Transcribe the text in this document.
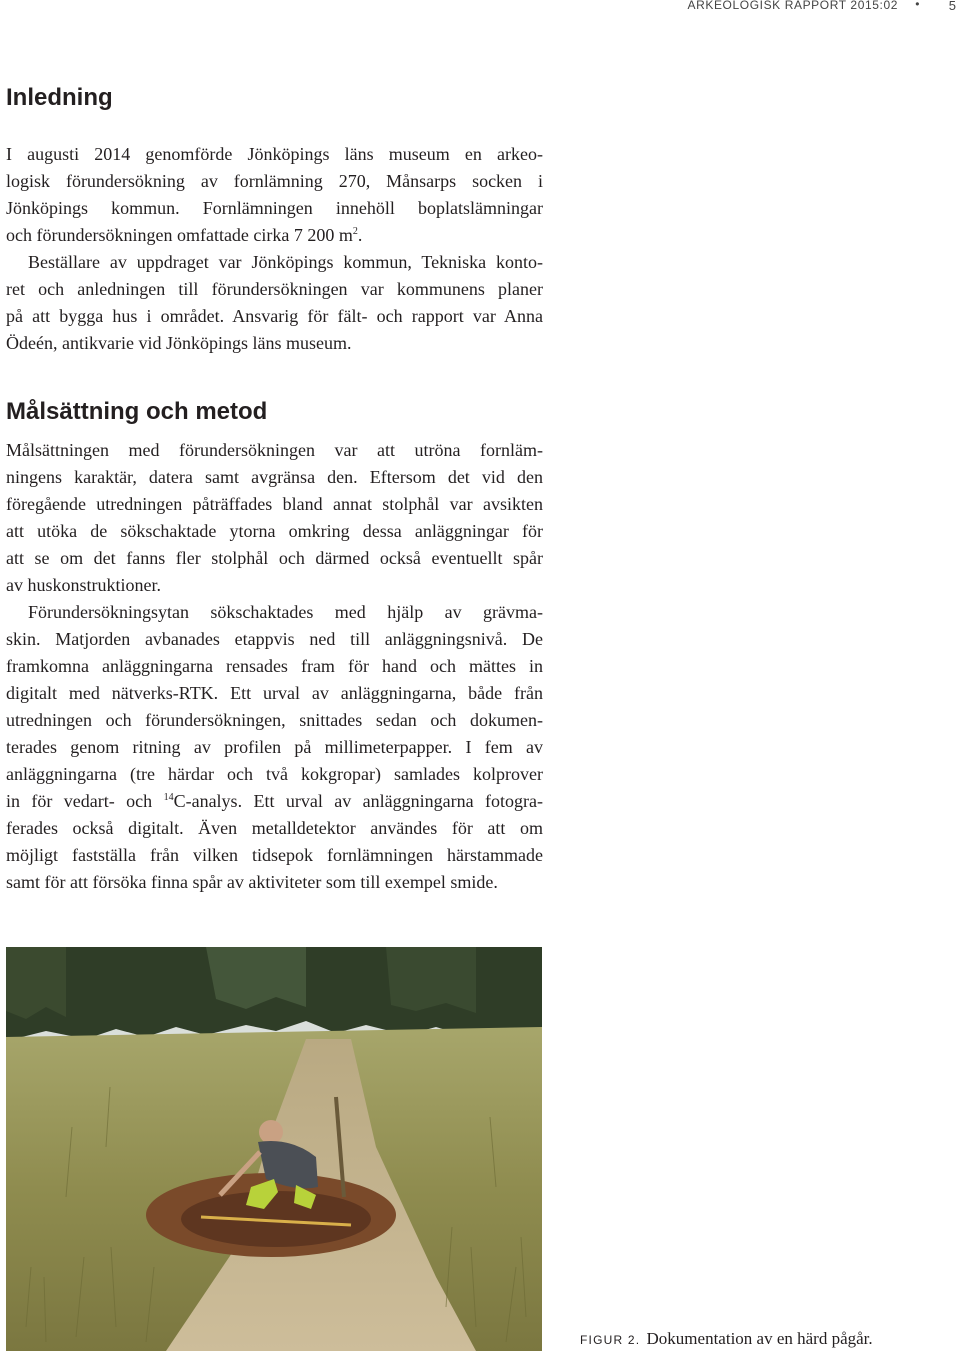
ARKEOLOGISK RAPPORT 2015:02 • 5
Inledning

I augusti 2014 genomförde Jönköpings läns museum en arkeo-
logisk förundersökning av fornlämning 270, Månsarps socken i
Jönköpings kommun. Fornlämningen innehöll boplatslämningar
och förundersökningen omfattade cirka 7 200 $m^2$.

Beställare av uppdraget var Jönköpings kommun, Tekniska konto-
ret och anledningen till förundersökningen var kommunens planer
på att bygga hus i området. Ansvarig för fält- och rapport var Anna
Ödeén, antikvarie vid Jönköpings läns museum.

Målsättning och metod

Målsättningen med förundersökningen var att utröna fornläm-
ningens karaktär, datera samt avgränsa den. Eftersom det vid den
föregående utredningen påträffades bland annat stolphål var avsikten
att utöka de sökschaktade ytorna omkring dessa anläggningar för
att se om det fanns fler stolphål och därmed också eventuellt spår
av huskonstruktioner.

Förundersökningsytan sökschaktades med hjälp av grävma-
skin. Matjorden avbanades etappvis ned till anläggningsnivå. De
framkomna anläggningarna rensades fram för hand och mättes in
digitalt med nätverks-RTK. Ett urval av anläggningarna, både från
utredningen och förundersökningen, snittades sedan och dokumen-
terades genom ritning av profilen på millimeterpapper. I fem av
anläggningarna (tre härdar och två kokgropar) samlades kolprover
in för vedart- och $^{14}$C-analys. Ett urval av anläggningarna fotogra-
ferades också digitalt. Även metalldetektor användes för att om
möjligt fastställa från vilken tidsepok fornlämningen härstammade
samt för att försöka finna spår av aktiviteter som till exempel smide.

FIGUR 2. Dokumentation av en härd pågår.
